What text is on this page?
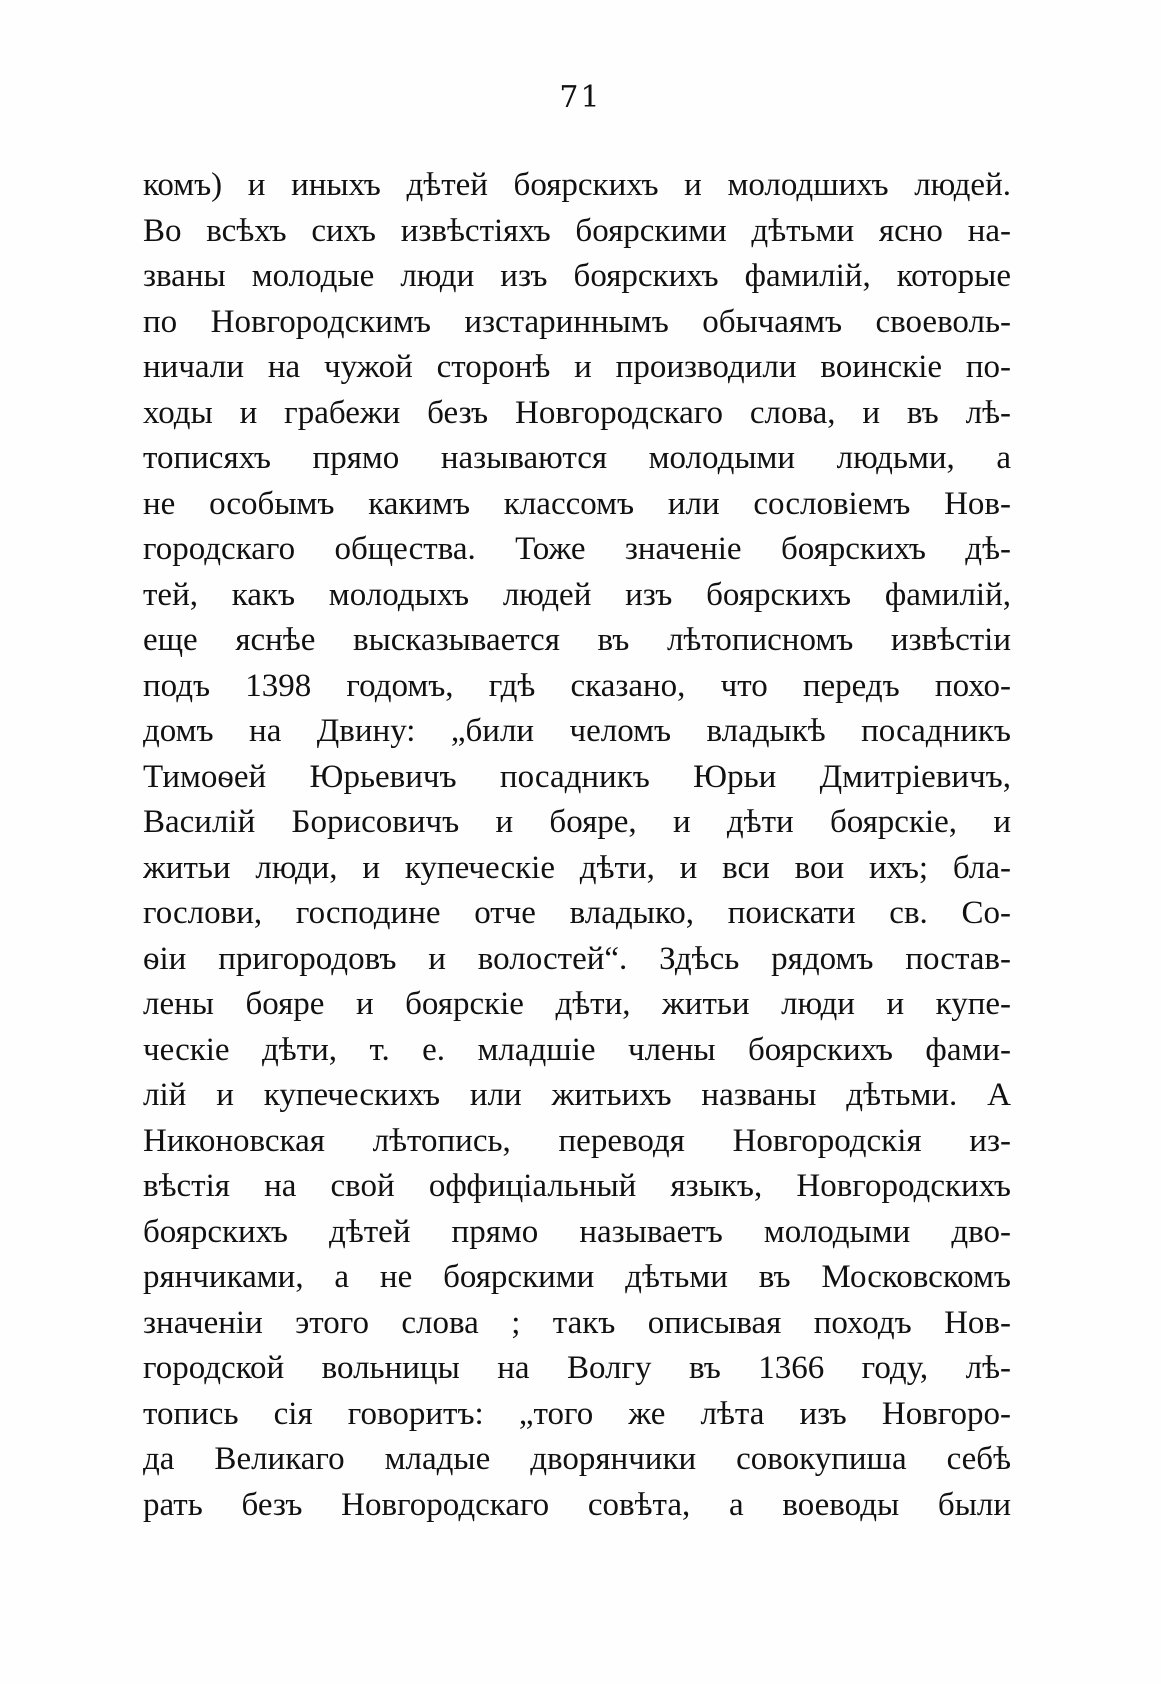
71
комъ) и иныхъ дѣтей боярскихъ и молодшихъ людей.
Во всѣхъ сихъ извѣстіяхъ боярскими дѣтьми ясно на-
званы молодые люди изъ боярскихъ фамилій, которые
по Новгородскимъ изстариннымъ обычаямъ своеволь-
ничали на чужой сторонѣ и производили воинскіе по-
ходы и грабежи безъ Новгородскаго слова, и въ лѣ-
тописяхъ прямо называются молодыми людьми, а
не особымъ какимъ классомъ или сословіемъ Нов-
городскаго общества. Тоже значеніе боярскихъ дѣ-
тей, какъ молодыхъ людей изъ боярскихъ фамилій,
еще яснѣе высказывается въ лѣтописномъ извѣстіи
подъ 1398 годомъ, гдѣ сказано, что передъ похо-
домъ на Двину: „били челомъ владыкѣ посадникъ
Тимоѳей Юрьевичъ посадникъ Юрьи Дмитріевичъ,
Василій Борисовичъ и бояре, и дѣти боярскіе, и
житьи люди, и купеческіе дѣти, и вси вои ихъ; бла-
гослови, господине отче владыко, поискати св. Со-
ѳіи пригородовъ и волостей“. Здѣсь рядомъ постав-
лены бояре и боярскіе дѣти, житьи люди и купе-
ческіе дѣти, т. е. младшіе члены боярскихъ фами-
лій и купеческихъ или житьихъ названы дѣтьми. А
Никоновская лѣтопись, переводя Новгородскія из-
вѣстія на свой оффиціальный языкъ, Новгородскихъ
боярскихъ дѣтей прямо называетъ молодыми дво-
рянчиками, а не боярскими дѣтьми въ Московскомъ
значеніи этого слова ; такъ описывая походъ Нов-
городской вольницы на Волгу въ 1366 году, лѣ-
топись сія говоритъ: „того же лѣта изъ Новгоро-
да Великаго младые дворянчики совокупиша себѣ
рать безъ Новгородскаго совѣта, а воеводы были
